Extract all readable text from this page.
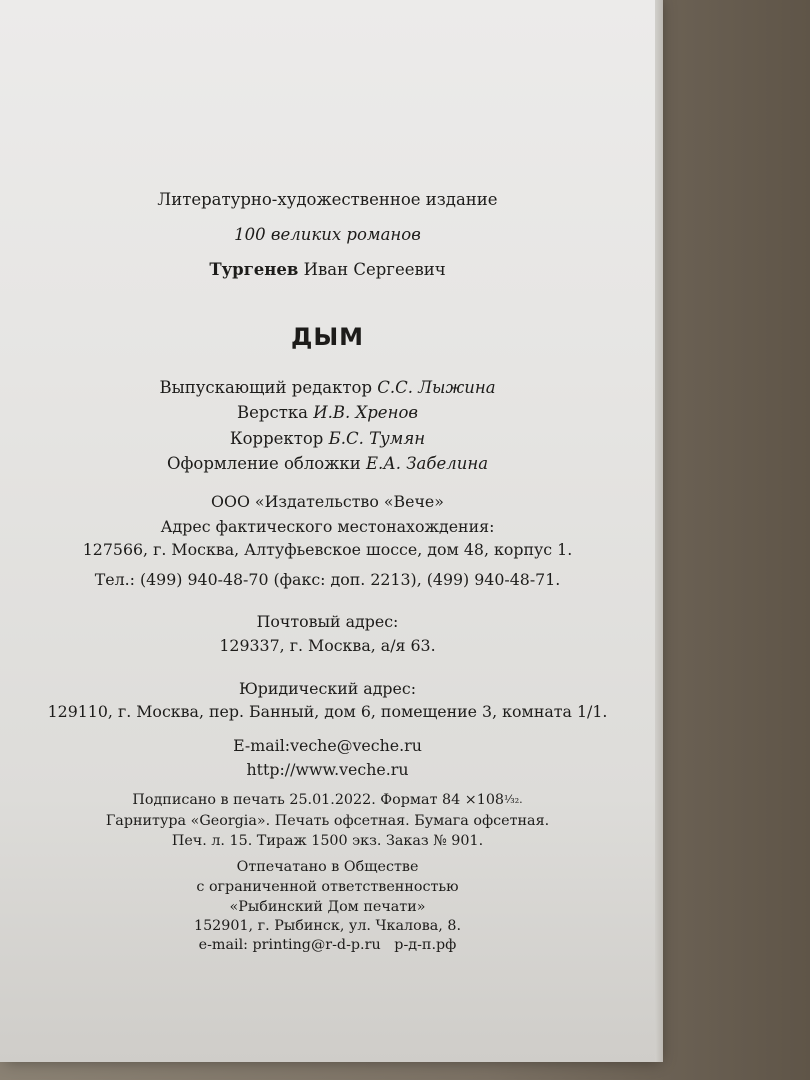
Литературно-художественное издание
100 великих романов
Тургенев Иван Сергеевич
ДЫМ
Выпускающий редактор С.С. Лыжина
Верстка И.В. Хренов
Корректор Б.С. Тумян
Оформление обложки Е.А. Забелина
ООО «Издательство «Вече»
Адрес фактического местонахождения:
127566, г. Москва, Алтуфьевское шоссе, дом 48, корпус 1.
Тел.: (499) 940-48-70 (факс: доп. 2213), (499) 940-48-71.
Почтовый адрес:
129337, г. Москва, а/я 63.
Юридический адрес:
129110, г. Москва, пер. Банный, дом 6, помещение 3, комната 1/1.
E-mail:veche@veche.ru
http://www.veche.ru
Подписано в печать 25.01.2022. Формат 84 ×108¹⁄₃₂.
Гарнитура «Georgia». Печать офсетная. Бумага офсетная.
Печ. л. 15. Тираж 1500 экз. Заказ № 901.
Отпечатано в Обществе
с ограниченной ответственностью
«Рыбинский Дом печати»
152901, г. Рыбинск, ул. Чкалова, 8.
e-mail: printing@r-d-p.ru р-д-п.рф
